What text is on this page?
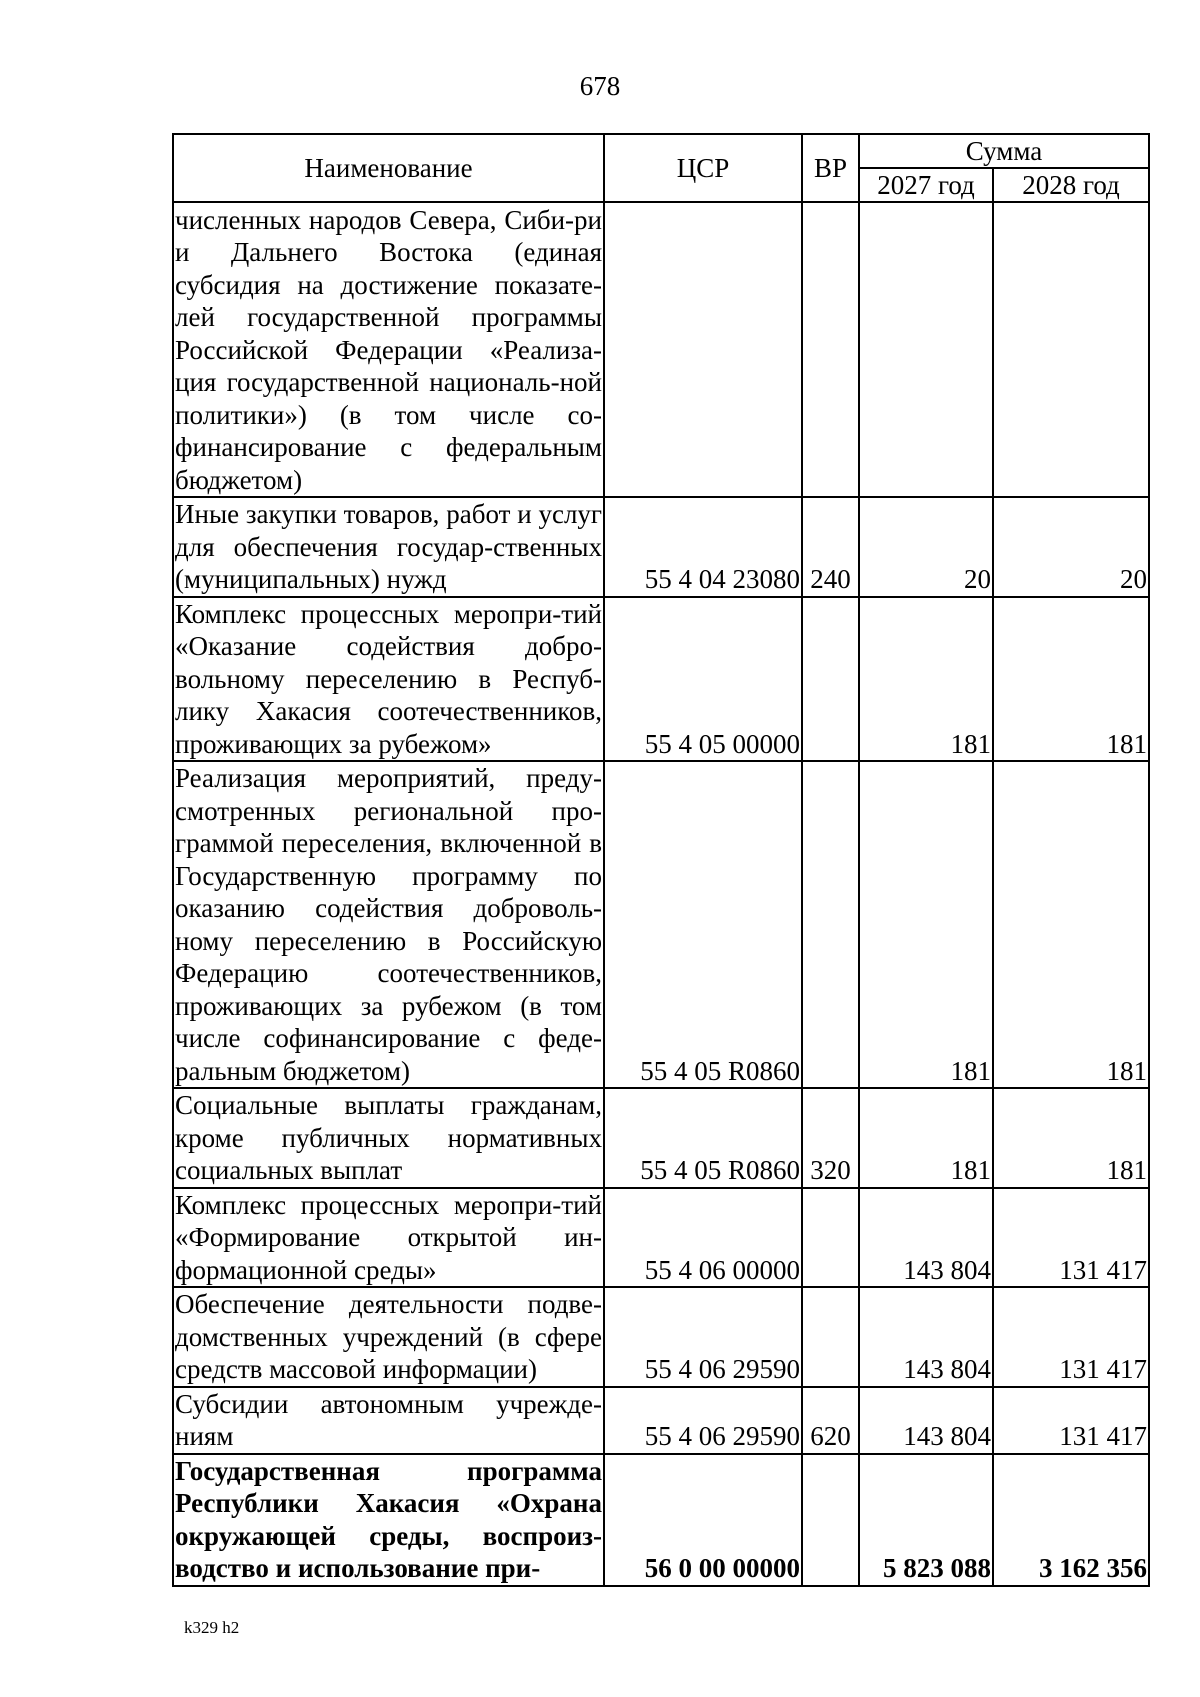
678
Наименование	ЦСР	ВР	Сумма	
			2027 год	2028 год
численных народов Севера, Сиби-ри и Дальнего Востока (единая субсидия на достижение показате-лей государственной программы Российской Федерации «Реализа-ция государственной националь-ной политики») (в том числе со-финансирование с федеральным бюджетом)				
Иные закупки товаров, работ и услуг для обеспечения государ-ственных (муниципальных) нужд	55 4 04 23080	240	20	20
Комплекс процессных меропри-тий «Оказание содействия добро-вольному переселению в Респуб-лику Хакасия соотечественников, проживающих за рубежом»	55 4 05 00000		181	181
Реализация мероприятий, преду-смотренных региональной про-граммой переселения, включенной в Государственную программу по оказанию содействия доброволь-ному переселению в Российскую Федерацию соотечественников, проживающих за рубежом (в том числе софинансирование с феде-ральным бюджетом)	55 4 05 R0860		181	181
Социальные выплаты гражданам, кроме публичных нормативных социальных выплат	55 4 05 R0860	320	181	181
Комплекс процессных меропри-тий «Формирование открытой ин-формационной среды»	55 4 06 00000		143 804	131 417
Обеспечение деятельности подве-домственных учреждений (в сфере средств массовой информации)	55 4 06 29590		143 804	131 417
Субсидии автономным учрежде-ниям	55 4 06 29590	620	143 804	131 417
Государственная программа Республики Хакасия «Охрана окружающей среды, воспроиз-водство и использование при-	56 0 00 00000		5 823 088	3 162 356
k329 h2
